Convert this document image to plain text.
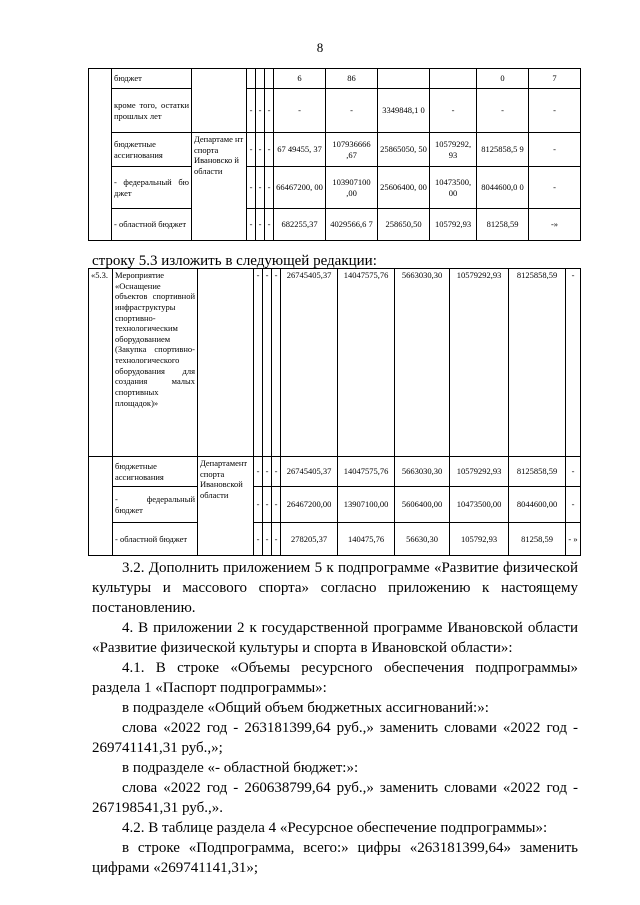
8
	бюджет					6	86			0	7
	кроме того, остатки прошлых лет		-	-	-	-	-	3349848,1 0	-	-	-
	бюджетные ассигнования	Департаме нт спорта Ивановско й области	-	-	-	67 49455, 37	107936666 ,67	25865050, 50	10579292, 93	8125858,5 9	-
	- федеральный бю джет		-	-	-	66467200, 00	103907100 ,00	25606400, 00	10473500, 00	8044600,0 0	-
	- областной бюджет		-	-	-	682255,37	4029566,6 7	258650,50	105792,93	81258,59	-»
строку 5.3 изложить в следующей редакции:
«5.3.	Мероприятие «Оснащение объектов спортивной инфраструктуры спортивно-технологическим оборудованием (Закупка спортивно-технологического оборудования для создания малых спортивных площадок)»		-	-	-	26745405,37	14047575,76	5663030,30	10579292,93	8125858,59	-
	бюджетные ассигнования	Департамент спорта Ивановской области	-	-	-	26745405,37	14047575,76	5663030,30	10579292,93	8125858,59	-
	- федеральный бюджет		-	-	-	26467200,00	13907100,00	5606400,00	10473500,00	8044600,00	-
	- областной бюджет		-	-	-	278205,37	140475,76	56630,30	105792,93	81258,59	- »
3.2. Дополнить приложением 5 к подпрограмме «Развитие физической культуры и массового спорта» согласно приложению к настоящему постановлению.
4. В приложении 2 к государственной программе Ивановской области «Развитие физической культуры и спорта в Ивановской области»:
4.1. В строке «Объемы ресурсного обеспечения подпрограммы» раздела 1 «Паспорт подпрограммы»:
в подразделе «Общий объем бюджетных ассигнований:»:
слова «2022 год - 263181399,64 руб.,» заменить словами «2022 год - 269741141,31 руб.,»;
в подразделе «- областной бюджет:»:
слова «2022 год - 260638799,64 руб.,» заменить словами «2022 год - 267198541,31 руб.,».
4.2. В таблице раздела 4 «Ресурсное обеспечение подпрограммы»:
в строке «Подпрограмма, всего:» цифры «263181399,64» заменить цифрами «269741141,31»;
